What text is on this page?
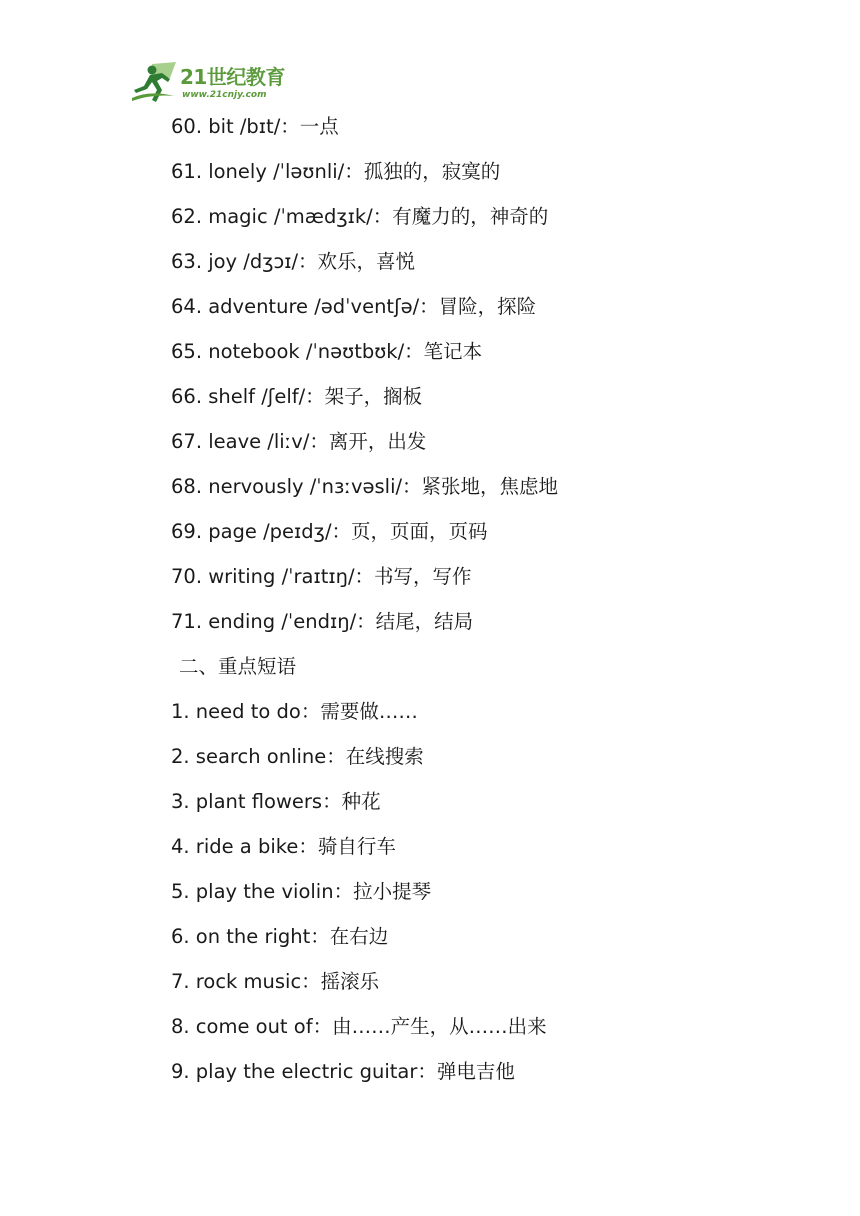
21世纪教育
www.21cnjy.com
60. bit /bɪt/：一点
61. lonely /ˈləʊnli/：孤独的，寂寞的
62. magic /ˈmædʒɪk/：有魔力的，神奇的
63. joy /dʒɔɪ/：欢乐，喜悦
64. adventure /ədˈventʃə/：冒险，探险
65. notebook /ˈnəʊtbʊk/：笔记本
66. shelf /ʃelf/：架子，搁板
67. leave /liːv/：离开，出发
68. nervously /ˈnɜːvəsli/：紧张地，焦虑地
69. page /peɪdʒ/：页，页面，页码
70. writing /ˈraɪtɪŋ/：书写，写作
71. ending /ˈendɪŋ/：结尾，结局
二、重点短语
1. need to do：需要做……
2. search online：在线搜索
3. plant flowers：种花
4. ride a bike：骑自行车
5. play the violin：拉小提琴
6. on the right：在右边
7. rock music：摇滚乐
8. come out of：由……产生，从……出来
9. play the electric guitar：弹电吉他
